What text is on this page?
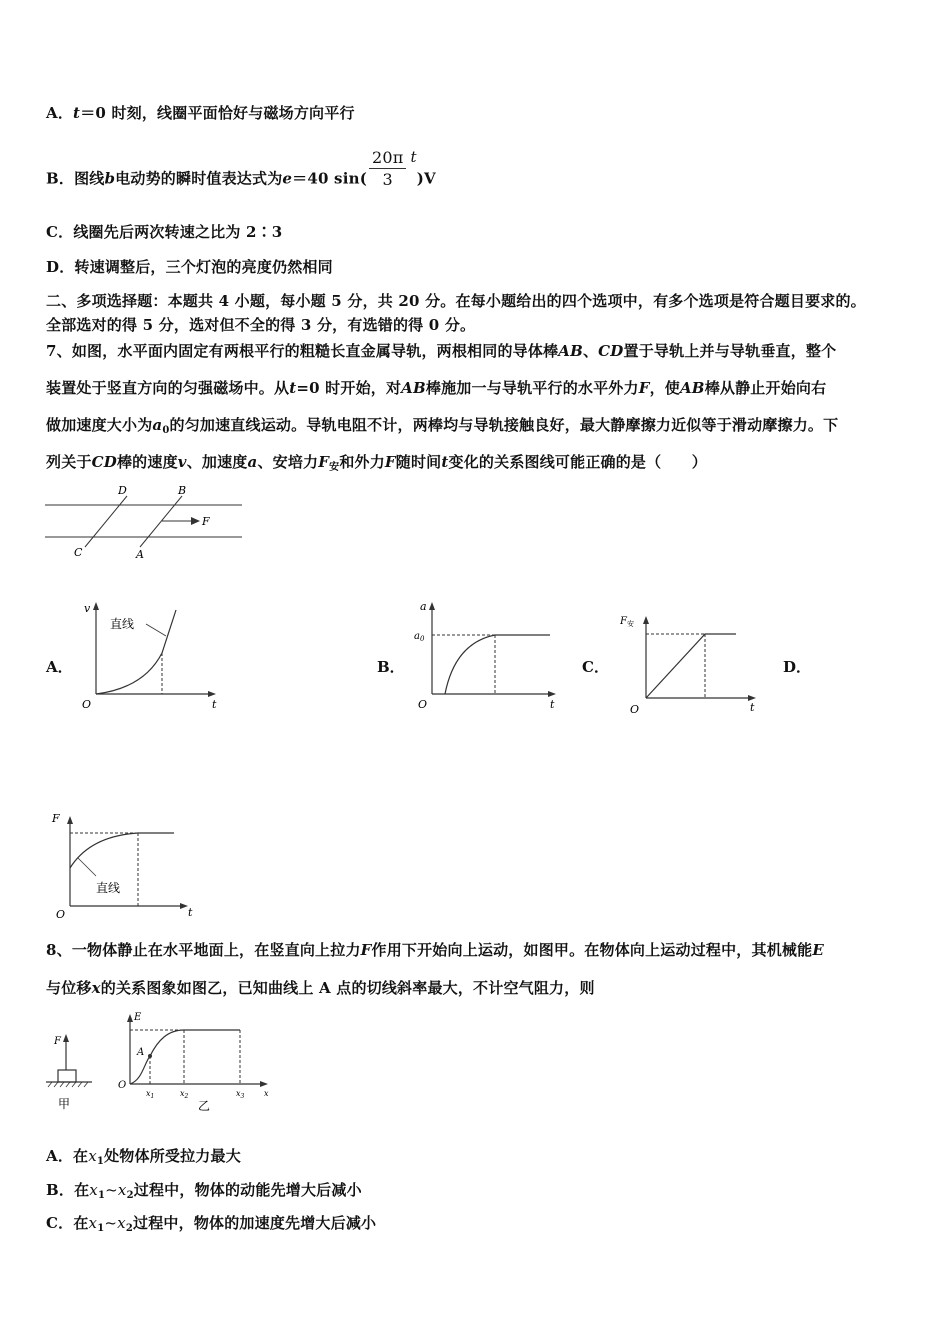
A．t＝0 时刻，线圈平面恰好与磁场方向平行
B．图线b电动势的瞬时值表达式为e＝40 $\sin( \frac{20\pi}{3} t)V$
C．线圈先后两次转速之比为 2∶3
D．转速调整后，三个灯泡的亮度仍然相同
二、多项选择题：本题共 4 小题，每小题 5 分，共 20 分。在每小题给出的四个选项中，有多个选项是符合题目要求的。
全部选对的得 5 分，选对但不全的得 3 分，有选错的得 0 分。
7、如图，水平面内固定有两根平行的粗糙长直金属导轨，两根相同的导体棒AB、CD置于导轨上并与导轨垂直，整个
装置处于竖直方向的匀强磁场中。从t=0 时开始，对AB棒施加一与导轨平行的水平外力F，使AB棒从静止开始向右
做加速度大小为$a_0$的匀加速直线运动。导轨电阻不计，两棒均与导轨接触良好，最大静摩擦力近似等于滑动摩擦力。下
列关于CD棒的速度v、加速度a、安培力$F_安$和外力F随时间t变化的关系图线可能正确的是（　　）
D	B
F
C	A
A．	B．	C．	D．
v
直线
O	t
a
$a_0$
O	t
$F_安$
O	t
F
直线
O	t
8、一物体静止在水平地面上，在竖直向上拉力F作用下开始向上运动，如图甲。在物体向上运动过程中，其机械能E
与位移x的关系图象如图乙，已知曲线上 A 点的切线斜率最大，不计空气阻力，则
F
甲
E
A
O
$x_1$	$x_2$	$x_3$ x
乙
A．在$x_1$处物体所受拉力最大
B．在$x_1\sim x_2$过程中，物体的动能先增大后减小
C．在$x_1\sim x_2$过程中，物体的加速度先增大后减小
